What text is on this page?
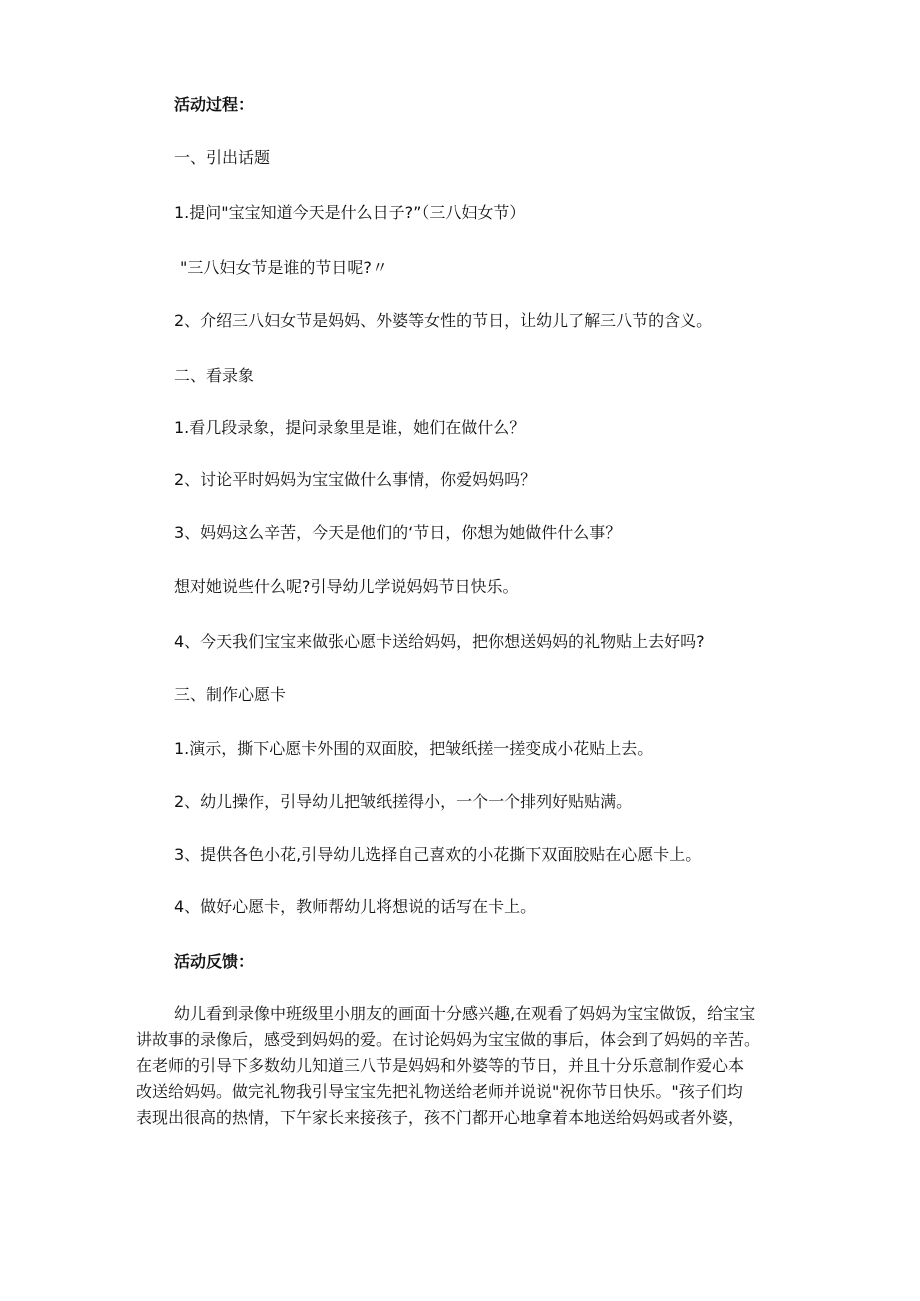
活动过程：
一、引出话题
1.提问"宝宝知道今天是什么日子?”（三八妇女节）
"三八妇女节是谁的节日呢?〃
2、介绍三八妇女节是妈妈、外婆等女性的节日，让幼儿了解三八节的含义。
二、看录象
1.看几段录象，提问录象里是谁，她们在做什么？
2、讨论平时妈妈为宝宝做什么事情，你爱妈妈吗？
3、妈妈这么辛苦，今天是他们的‘节日，你想为她做件什么事？
想对她说些什么呢?引导幼儿学说妈妈节日快乐。
4、今天我们宝宝来做张心愿卡送给妈妈，把你想送妈妈的礼物贴上去好吗?
三、制作心愿卡
1.演示，撕下心愿卡外围的双面胶，把皱纸搓一搓变成小花贴上去。
2、幼儿操作，引导幼儿把皱纸搓得小，一个一个排列好贴贴满。
3、提供各色小花,引导幼儿选择自己喜欢的小花撕下双面胶贴在心愿卡上。
4、做好心愿卡，教师帮幼儿将想说的话写在卡上。
活动反馈：
幼儿看到录像中班级里小朋友的画面十分感兴趣,在观看了妈妈为宝宝做饭，给宝宝
讲故事的录像后，感受到妈妈的爱。在讨论妈妈为宝宝做的事后，体会到了妈妈的辛苦。
在老师的引导下多数幼儿知道三八节是妈妈和外婆等的节日，并且十分乐意制作爱心本
改送给妈妈。做完礼物我引导宝宝先把礼物送给老师并说说"祝你节日快乐。"孩子们均
表现出很高的热情，下午家长来接孩子，孩不门都开心地拿着本地送给妈妈或者外婆，
